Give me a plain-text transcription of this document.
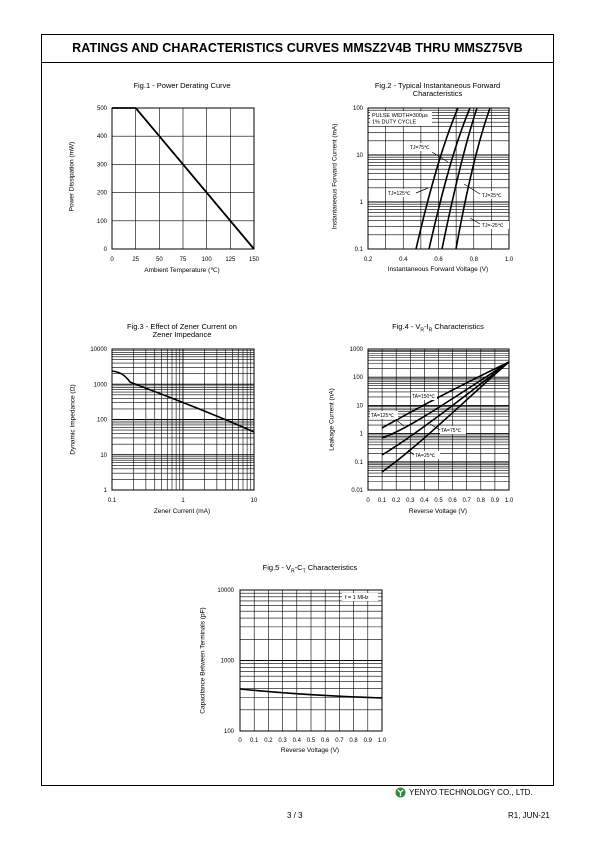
RATINGS AND CHARACTERISTICS CURVES MMSZ2V4B THRU MMSZ75VB
Fig.1 - Power Derating Curve
0	25	50	75	100 125 150
0
100
200
300
400
500
Ambient Temperature (℃)
Power Dissipation (mW)
Fig.2 - Typical Instantaneous Forward
Characteristics
PULSE WIDTH=300μs
1% DUTY CYCLE
TJ=75℃
TJ=125℃	TJ=25℃
TJ=-25℃
0.2	0.4	0.6	0.8	1.0
0.1
1
10
100
Instantaneous Forward Voltage (V)
Instantaneous Forward Current (mA)
Fig.3 - Effect of Zener Current on
Zener Impedance
0.1	1	10
1
10
100
1000
10000
Zener Current (mA)
Dynamic Impedance (Ω)
$Fig.4 - V_R-I_R$ Characteristics
TA=150℃
TA=125℃
TA=75℃
TA=25℃
0 0.1 0.2 0.3 0.4 0.5 0.6 0.7 0.8 0.9 1.0
0.01
0.1
1
10
100
1000
Reverse Voltage (V)
Leakage Current (nA)
$Fig.5 - V_R-C_T$ Characteristics
f = 1 MHz
0 0.1 0.2 0.3 0.4 0.5 0.6 0.7 0.8 0.9 1.0
100
1000
10000
Reverse Voltage (V)
Capacitance Between Terminals (pF)
YENYO TECHNOLOGY CO., LTD.
3 / 3	R1, JUN-21
